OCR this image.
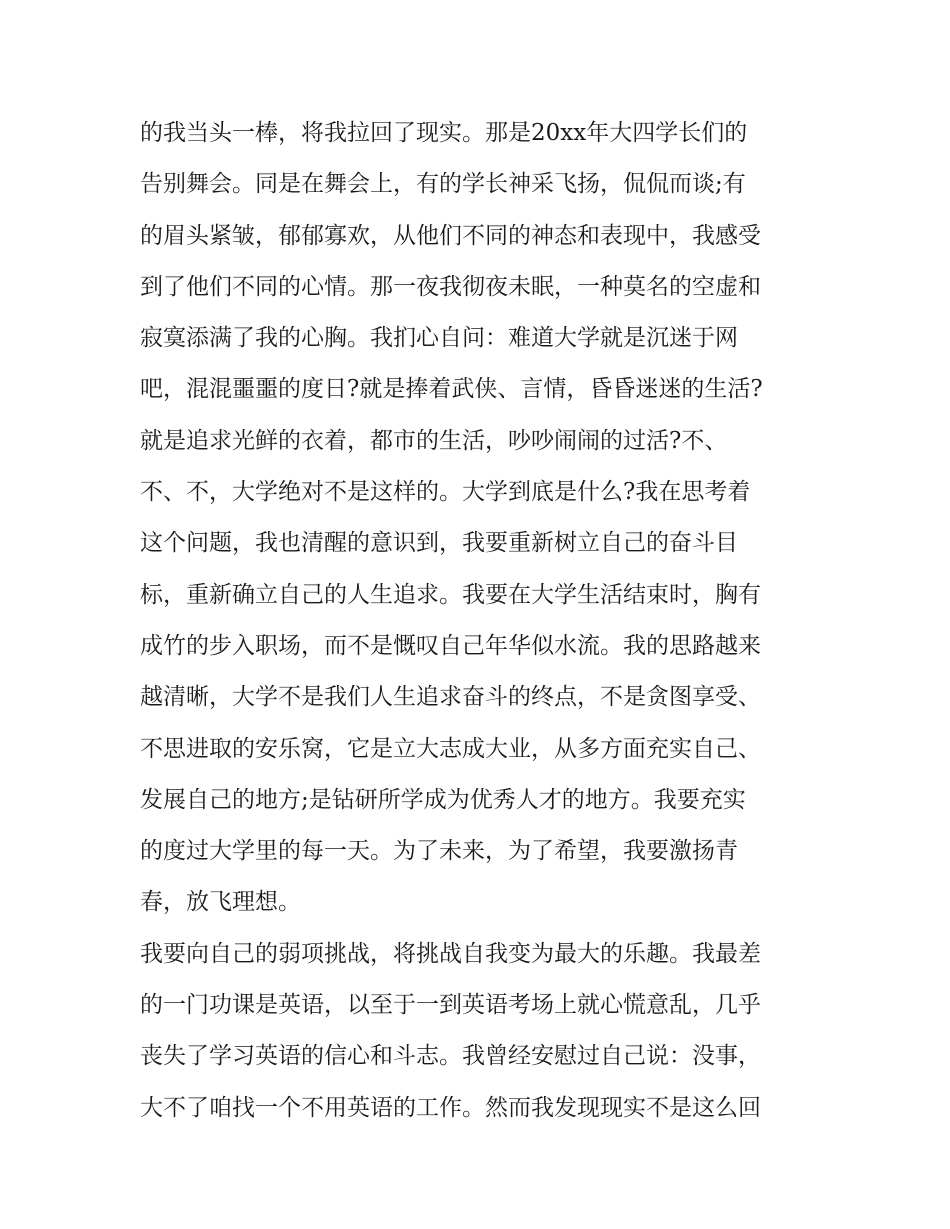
的我当头一棒，将我拉回了现实。那是20xx年大四学长们的
告别舞会。同是在舞会上，有的学长神采飞扬，侃侃而谈;有
的眉头紧皱，郁郁寡欢，从他们不同的神态和表现中，我感受
到了他们不同的心情。那一夜我彻夜未眠，一种莫名的空虚和
寂寞添满了我的心胸。我扪心自问：难道大学就是沉迷于网
吧，混混噩噩的度日?就是捧着武侠、言情，昏昏迷迷的生活?
就是追求光鲜的衣着，都市的生活，吵吵闹闹的过活?不、
不、不，大学绝对不是这样的。大学到底是什么?我在思考着
这个问题，我也清醒的意识到，我要重新树立自己的奋斗目
标，重新确立自己的人生追求。我要在大学生活结束时，胸有
成竹的步入职场，而不是慨叹自己年华似水流。我的思路越来
越清晰，大学不是我们人生追求奋斗的终点，不是贪图享受、
不思进取的安乐窝，它是立大志成大业，从多方面充实自己、
发展自己的地方;是钻研所学成为优秀人才的地方。我要充实
的度过大学里的每一天。为了未来，为了希望，我要激扬青
春，放飞理想。
我要向自己的弱项挑战，将挑战自我变为最大的乐趣。我最差
的一门功课是英语，以至于一到英语考场上就心慌意乱，几乎
丧失了学习英语的信心和斗志。我曾经安慰过自己说：没事，
大不了咱找一个不用英语的工作。然而我发现现实不是这么回
